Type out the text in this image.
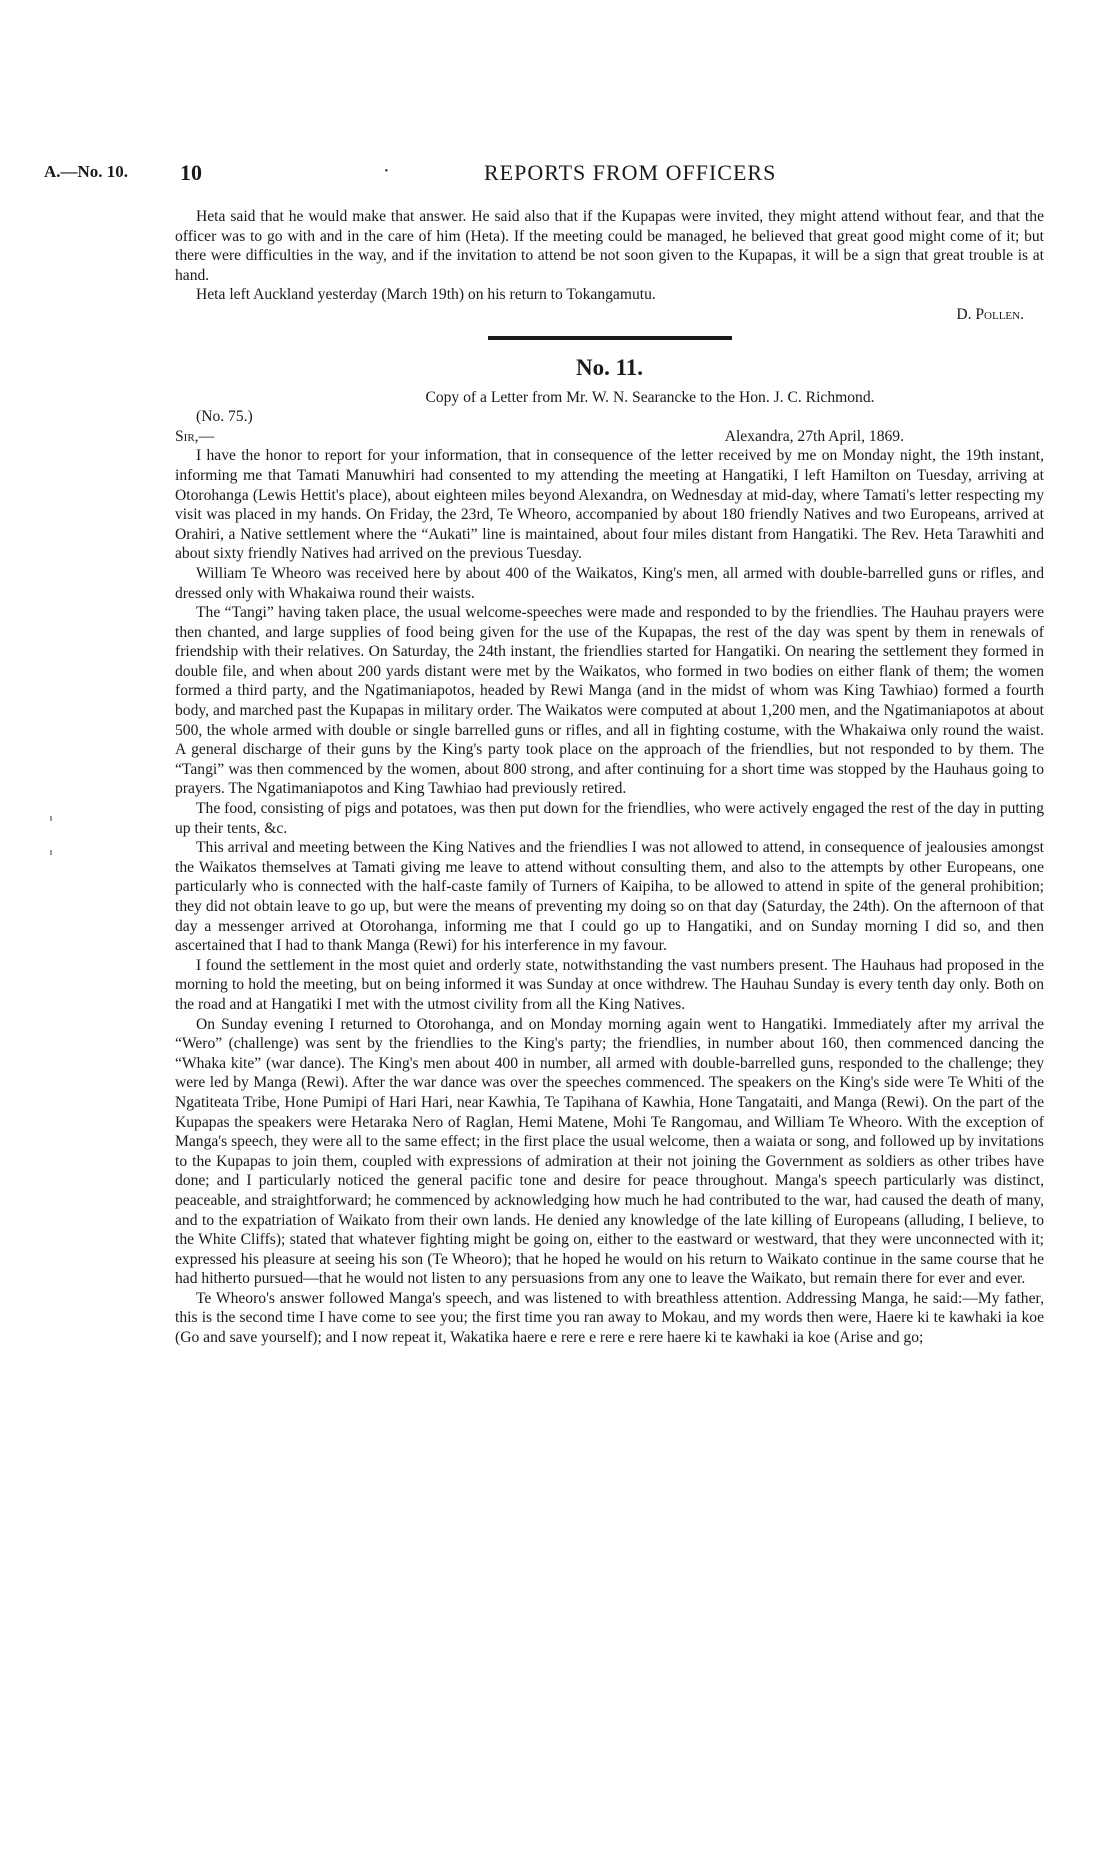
A.—No. 10. 10	·	REPORTS FROM OFFICERS

Heta said that he would make that answer. He said also that if the Kupapas were invited, they might attend without fear, and that the officer was to go with and in the care of him (Heta). If the meeting could be managed, he believed that great good might come of it; but there were difficulties in the way, and if the invitation to attend be not soon given to the Kupapas, it will be a sign that great trouble is at hand.

Heta left Auckland yesterday (March 19th) on his return to Tokangamutu.

D. Pollen.

No. 11.

Copy of a Letter from Mr. W. N. Searancke to the Hon. J. C. Richmond.

(No. 75.)

Sir,—	Alexandra, 27th April, 1869.

I have the honor to report for your information, that in consequence of the letter received by me on Monday night, the 19th instant, informing me that Tamati Manuwhiri had consented to my attending the meeting at Hangatiki, I left Hamilton on Tuesday, arriving at Otorohanga (Lewis Hettit's place), about eighteen miles beyond Alexandra, on Wednesday at mid-day, where Tamati's letter respecting my visit was placed in my hands. On Friday, the 23rd, Te Wheoro, accompanied by about 180 friendly Natives and two Europeans, arrived at Orahiri, a Native settlement where the “Aukati” line is maintained, about four miles distant from Hangatiki. The Rev. Heta Tarawhiti and about sixty friendly Natives had arrived on the previous Tuesday.

William Te Wheoro was received here by about 400 of the Waikatos, King's men, all armed with double-barrelled guns or rifles, and dressed only with Whakaiwa round their waists.

The “Tangi” having taken place, the usual welcome-speeches were made and responded to by the friendlies. The Hauhau prayers were then chanted, and large supplies of food being given for the use of the Kupapas, the rest of the day was spent by them in renewals of friendship with their relatives. On Saturday, the 24th instant, the friendlies started for Hangatiki. On nearing the settlement they formed in double file, and when about 200 yards distant were met by the Waikatos, who formed in two bodies on either flank of them; the women formed a third party, and the Ngatimaniapotos, headed by Rewi Manga (and in the midst of whom was King Tawhiao) formed a fourth body, and marched past the Kupapas in military order. The Waikatos were computed at about 1,200 men, and the Ngatimaniapotos at about 500, the whole armed with double or single barrelled guns or rifles, and all in fighting costume, with the Whakaiwa only round the waist. A general discharge of their guns by the King's party took place on the approach of the friendlies, but not responded to by them. The “Tangi” was then commenced by the women, about 800 strong, and after continuing for a short time was stopped by the Hauhaus going to prayers. The Ngatimaniapotos and King Tawhiao had previously retired.

The food, consisting of pigs and potatoes, was then put down for the friendlies, who were actively engaged the rest of the day in putting up their tents, &c.

This arrival and meeting between the King Natives and the friendlies I was not allowed to attend, in consequence of jealousies amongst the Waikatos themselves at Tamati giving me leave to attend without consulting them, and also to the attempts by other Europeans, one particularly who is connected with the half-caste family of Turners of Kaipiha, to be allowed to attend in spite of the general prohibition; they did not obtain leave to go up, but were the means of preventing my doing so on that day (Saturday, the 24th). On the afternoon of that day a messenger arrived at Otorohanga, informing me that I could go up to Hangatiki, and on Sunday morning I did so, and then ascertained that I had to thank Manga (Rewi) for his interference in my favour.

I found the settlement in the most quiet and orderly state, notwithstanding the vast numbers present. The Hauhaus had proposed in the morning to hold the meeting, but on being informed it was Sunday at once withdrew. The Hauhau Sunday is every tenth day only. Both on the road and at Hangatiki I met with the utmost civility from all the King Natives.

On Sunday evening I returned to Otorohanga, and on Monday morning again went to Hangatiki. Immediately after my arrival the “Wero” (challenge) was sent by the friendlies to the King's party; the friendlies, in number about 160, then commenced dancing the “Whaka kite” (war dance). The King's men about 400 in number, all armed with double-barrelled guns, responded to the challenge; they were led by Manga (Rewi). After the war dance was over the speeches commenced. The speakers on the King's side were Te Whiti of the Ngatiteata Tribe, Hone Pumipi of Hari Hari, near Kawhia, Te Tapihana of Kawhia, Hone Tangataiti, and Manga (Rewi). On the part of the Kupapas the speakers were Hetaraka Nero of Raglan, Hemi Matene, Mohi Te Rangomau, and William Te Wheoro. With the exception of Manga's speech, they were all to the same effect; in the first place the usual welcome, then a waiata or song, and followed up by invitations to the Kupapas to join them, coupled with expressions of admiration at their not joining the Government as soldiers as other tribes have done; and I particularly noticed the general pacific tone and desire for peace throughout. Manga's speech particularly was distinct, peaceable, and straightforward; he commenced by acknowledging how much he had contributed to the war, had caused the death of many, and to the expatriation of Waikato from their own lands. He denied any knowledge of the late killing of Europeans (alluding, I believe, to the White Cliffs); stated that whatever fighting might be going on, either to the eastward or westward, that they were unconnected with it; expressed his pleasure at seeing his son (Te Wheoro); that he hoped he would on his return to Waikato continue in the same course that he had hitherto pursued—that he would not listen to any persuasions from any one to leave the Waikato, but remain there for ever and ever.

Te Wheoro's answer followed Manga's speech, and was listened to with breathless attention. Addressing Manga, he said:—My father, this is the second time I have come to see you; the first time you ran away to Mokau, and my words then were, Haere ki te kawhaki ia koe (Go and save yourself); and I now repeat it, Wakatika haere e rere e rere e rere haere ki te kawhaki ia koe (Arise and go;
